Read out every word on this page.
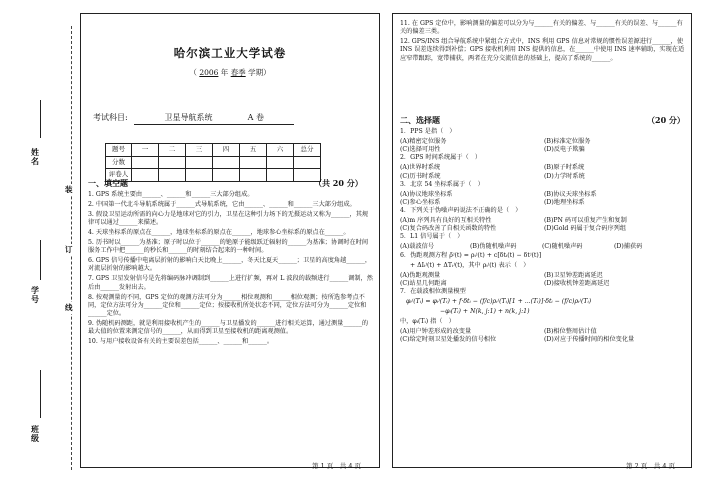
姓名
学号
班级
装
订
线
哈尔滨工业大学试卷
（ 2006 年 春季 学期）
考试科目:	卫星导航系统	A 卷
题号	一	二	三	四	五	六	总分
分数							
评卷人							
一、填空题	（共 20 分）
1. GPS 系统主要由______、______和______三大部分组成。
2. 中国第一代北斗导航系统属于______式导航系统，它由______、______和______三大部分组成。
3. 假设卫星运动所需的向心力是地球对它的引力，卫星在这种引力场下的无摄运动又称为______，其规律可以通过______来描述。
4. 天球坐标系的原点在______，地球坐标系的原点在______，地球参心坐标系的原点在______。
5. 历书时以______为基准；原子时以位于______的铯原子能级跃迁辐射的______为基准；协调时在时间服务工作中把______的秒长和______的时刻结合起来的一种时间。
6. GPS 信号传播中电离层折射的影响白天比晚上______，冬天比夏天______；卫星的高度角越______，对流层折射的影响越大。
7. GPS 卫星发射信号是先将编码脉冲调制到______上进行扩频，再对 L 波段的载频进行______调制，然后由______发射出去。
8. 按观测量的不同，GPS 定位的观测方法可分为______相位观测和______相位观测；按所选参考点不同，定位方法可分为______定位和______定位；按接收机所处状态不同，定位方法可分为______定位和______定位。
9. 伪随机码测距，就是利用接收机产生的______与卫星播发的______进行相关运算，通过测量______的最大值的位置来测定信号的______，从而得到卫星至接收机的距离观测值。
10. 与用户接收设备有关的主要误差包括______、______和______。
第 1 页　共 4 页
11. 在 GPS 定位中，影响测量的偏差可以分为与______有关的偏差、与______有关的误差、与______有关的偏差三类。
12. GPS/INS 组合导航系统中紧组合方式中，INS 利用 GPS 信息对常规的惯性误差源进行______，使 INS 误差连续得到补偿；GPS 接收机利用 INS 提供的信息，在______中使用 INS 速率辅助，实现在适应窄带跟踪，宽带捕获，两者在充分交流信息的基础上，提高了系统的______。
二、选择题	（20 分）
1．PPS 是指（　）
(A)精密定位服务	(B)标准定位服务
(C)选择可用性	(D)反电子欺骗
2．GPS 时间系统属于（　）
(A)世界时系统	(B)原子时系统
(C)历书时系统	(D)力学时系统
3．北京 54 坐标系属于（　）
(A)协议地球坐标系	(B)协议天球坐标系
(C)参心坐标系	(D)地理坐标系
4．下列关于伪噪声码说法不正确的是（　）
(A)m 序列具有良好的互相关特性	(B)PN 码可以重复产生和复制
(C)复合码改善了自相关函数的特性	(D)Gold 码属于复合码序列组
5．L1 信号属于（　）
(A)载波信号	(B)伪随机噪声码	(C)随机噪声码	(D)捕获码
6．伪距观测方程 ρ̃ʲ(t) = ρᵢʲ(t) + c[δtᵢ(t) − δtʲ(t)]
+ ΔIᵢʲ(t) + ΔTᵢʲ(t)，其中 ρᵢʲ(t) 表示（　）
(A)伪距观测量	(B)卫星钟差距离延迟
(C)站星几何距离	(D)接收机钟差距离延迟
7．在载波相位测量模型
φᵢʲ(Tᵢ) = φᵢʲ(Tᵢ) + f·δtᵢ − (f/c)ρᵢʲ(Tᵢ)[1 + ...(Tᵢ)]·δtᵢ − (f/c)ρᵢʲ(Tᵢ)
−φᵢ(Tᵢ) + N(k, j:1) + n(k, j:1)
中，φᵢ(Tᵢ) 指（　）
(A)用户钟差形成的改变量	(B)相位整周估计值
(C)给定时刻卫星处播发的信号相位	(D)对应于传播时间的相位变化量
第 2 页　共 4 页
